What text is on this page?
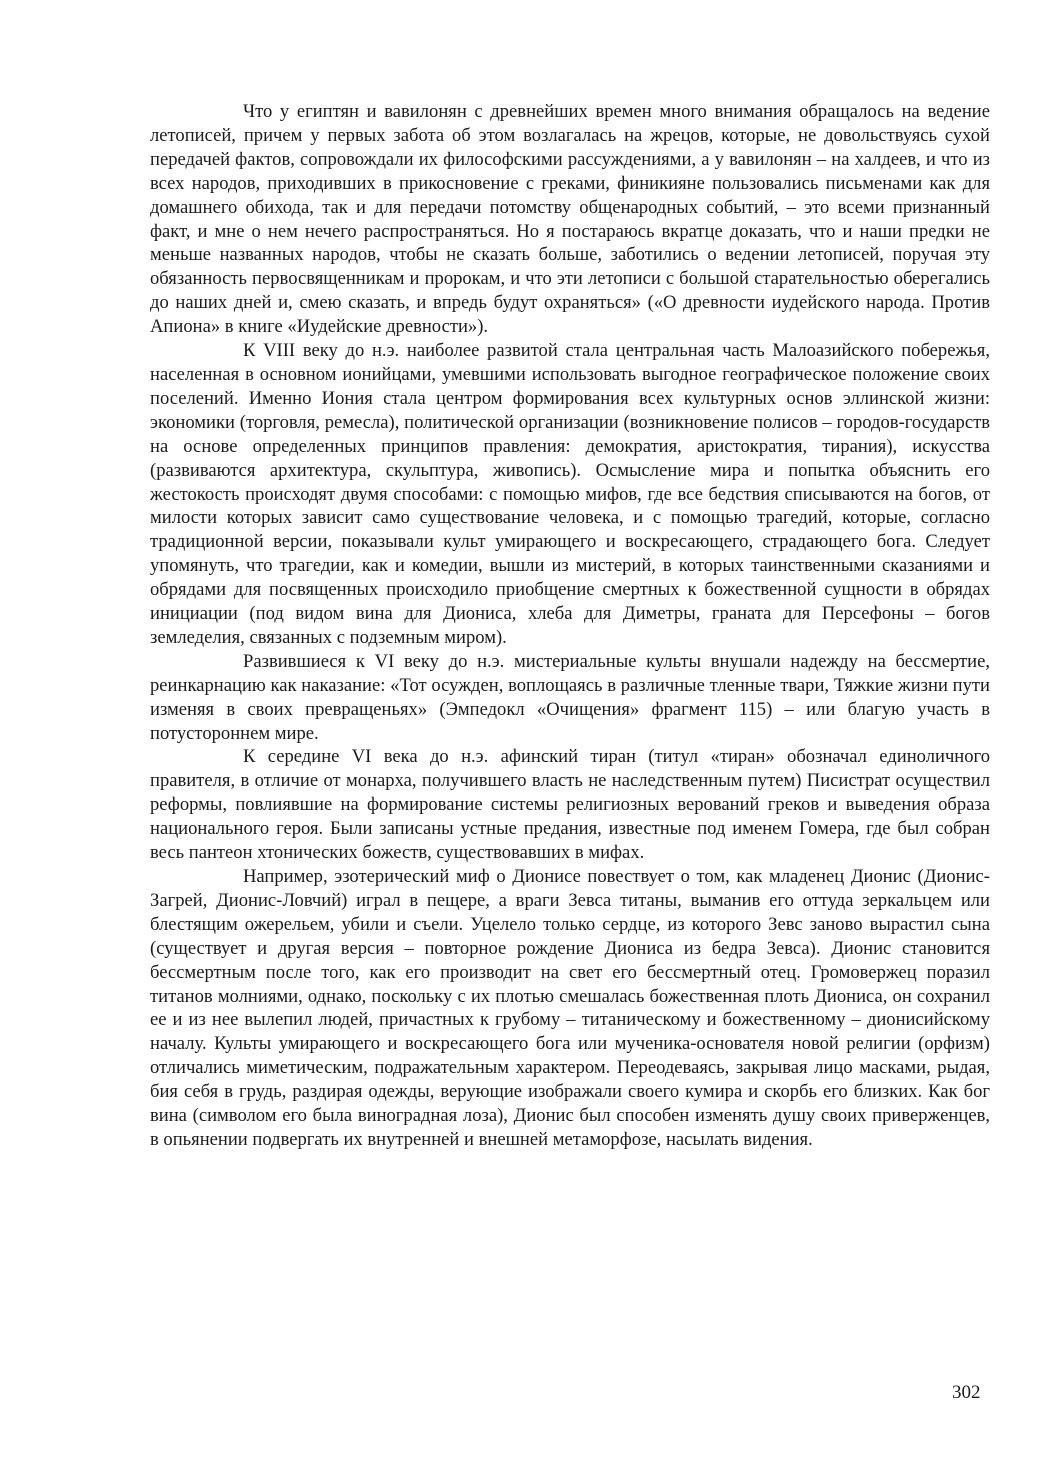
Что у египтян и вавилонян с древнейших времен много внимания обращалось на ведение летописей, причем у первых забота об этом возлагалась на жрецов, которые, не довольствуясь сухой передачей фактов, сопровождали их философскими рассуждениями, а у вавилонян – на халдеев, и что из всех народов, приходивших в прикосновение с греками, финикияне пользовались письменами как для домашнего обихода, так и для передачи потомству общенародных событий, – это всеми признанный факт, и мне о нем нечего распространяться. Но я постараюсь вкратце доказать, что и наши предки не меньше названных народов, чтобы не сказать больше, заботились о ведении летописей, поручая эту обязанность первосвященникам и пророкам, и что эти летописи с большой старательностью оберегались до наших дней и, смею сказать, и впредь будут охраняться» («О древности иудейского народа. Против Апиона» в книге «Иудейские древности»).

К VIII веку до н.э. наиболее развитой стала центральная часть Малоазийского побережья, населенная в основном ионийцами, умевшими использовать выгодное географическое положение своих поселений. Именно Иония стала центром формирования всех культурных основ эллинской жизни: экономики (торговля, ремесла), политической организации (возникновение полисов – городов-государств на основе определенных принципов правления: демократия, аристократия, тирания), искусства (развиваются архитектура, скульптура, живопись). Осмысление мира и попытка объяснить его жестокость происходят двумя способами: с помощью мифов, где все бедствия списываются на богов, от милости которых зависит само существование человека, и с помощью трагедий, которые, согласно традиционной версии, показывали культ умирающего и воскресающего, страдающего бога. Следует упомянуть, что трагедии, как и комедии, вышли из мистерий, в которых таинственными сказаниями и обрядами для посвященных происходило приобщение смертных к божественной сущности в обрядах инициации (под видом вина для Диониса, хлеба для Диметры, граната для Персефоны – богов земледелия, связанных с подземным миром).

Развившиеся к VI веку до н.э. мистериальные культы внушали надежду на бессмертие, реинкарнацию как наказание: «Тот осужден, воплощаясь в различные тленные твари, Тяжкие жизни пути изменяя в своих превращеньях» (Эмпедокл «Очищения» фрагмент 115) – или благую участь в потустороннем мире.

К середине VI века до н.э. афинский тиран (титул «тиран» обозначал единоличного правителя, в отличие от монарха, получившего власть не наследственным путем) Писистрат осуществил реформы, повлиявшие на формирование системы религиозных верований греков и выведения образа национального героя. Были записаны устные предания, известные под именем Гомера, где был собран весь пантеон хтонических божеств, существовавших в мифах.

Например, эзотерический миф о Дионисе повествует о том, как младенец Дионис (Дионис-Загрей, Дионис-Ловчий) играл в пещере, а враги Зевса титаны, выманив его оттуда зеркальцем или блестящим ожерельем, убили и съели. Уцелело только сердце, из которого Зевс заново вырастил сына (существует и другая версия – повторное рождение Диониса из бедра Зевса). Дионис становится бессмертным после того, как его производит на свет его бессмертный отец. Громовержец поразил титанов молниями, однако, поскольку с их плотью смешалась божественная плоть Диониса, он сохранил ее и из нее вылепил людей, причастных к грубому – титаническому и божественному – дионисийскому началу. Культы умирающего и воскресающего бога или мученика-основателя новой религии (орфизм) отличались миметическим, подражательным характером. Переодеваясь, закрывая лицо масками, рыдая, бия себя в грудь, раздирая одежды, верующие изображали своего кумира и скорбь его близких. Как бог вина (символом его была виноградная лоза), Дионис был способен изменять душу своих приверженцев, в опьянении подвергать их внутренней и внешней метаморфозе, насылать видения.

302
